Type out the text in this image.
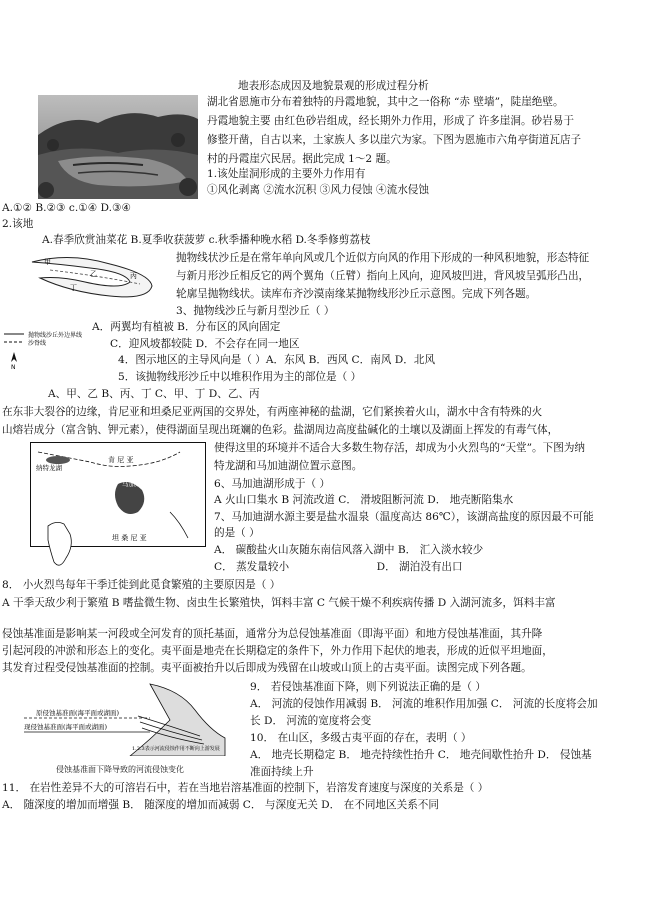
地表形态成因及地貌景观的形成过程分析
湖北省恩施市分布着独特的丹霞地貌，其中之一俗称 “赤 壁墙”，陡崖绝壁。
丹霞地貌主要 由红色砂岩组成，经长期外力作用，形成了 许多崖洞。砂岩易于
修整开凿，自古以来，土家族人 多以崖穴为家。下图为恩施市六角亭街道瓦店子
村的丹霞崖穴民居。据此完成 1～2 题。
1.该处崖洞形成的主要外力作用有
①风化剥离 ②流水沉积 ③风力侵蚀 ④流水侵蚀
A.①② B.②③ c.①④ D.③④
2.该地
A.春季欣赏油菜花 B.夏季收获菠萝 c.秋季播种晚水稻 D.冬季修剪荔枝
甲
乙	丙
丁
抛物线沙丘外边界线
沙脊线
N
抛物线状沙丘是在常年单向风或几个近似方向风的作用下形成的一种风积地貌，形态特征
与新月形沙丘相反它的两个翼角（丘臂）指向上风向，迎风坡凹进，背风坡呈弧形凸出，
轮廓呈抛物线状。读库布齐沙漠南缘某抛物线形沙丘示意图。完成下列各题。
3、抛物线沙丘与新月型沙丘（ ）
A．两翼均有植被 B．分布区的风向固定
C．迎风坡都较陡 D．不会存在同一地区
4．图示地区的主导风向是（ ）A．东风 B．西风 C．南风 D．北风
5．该抛物线形沙丘中以堆积作用为主的部位是（ ）
A、甲、乙 B、丙、丁 C、甲、丁 D、乙、丙
在东非大裂谷的边缘，肯尼亚和坦桑尼亚两国的交界处，有两座神秘的盐湖，它们紧挨着火山，湖水中含有特殊的火
山熔岩成分（富含钠、钾元素），使得湖面呈现出斑斓的色彩。盐湖周边高度盐碱化的土壤以及湖面上挥发的有毒气体，
使得这里的环境并不适合大多数生物存活，却成为小火烈鸟的“天堂”。下图为纳
特龙湖和马加迪湖位置示意图。
纳特龙湖
肯 尼 亚
马加迪湖
坦 桑 尼 亚
6、马加迪湖形成于（ ）
A 火山口集水 B 河流改道 C． 滑坡阻断河流 D． 地壳断陷集水
7、马加迪湖水源主要是盐水温泉（温度高达 86℃），该湖高盐度的原因最不可能
的是（ ）
A． 碳酸盐火山灰随东南信风落入湖中 B． 汇入淡水较少
C． 蒸发量较小                          D． 湖泊没有出口
8． 小火烈鸟每年干季迁徙到此觅食繁殖的主要原因是（ ）
A 干季天敌少利于繁殖 B 嗜盐微生物、卤虫生长繁殖快，饵料丰富 C 气候干燥不利疾病传播 D 入湖河流多，饵料丰富
侵蚀基准面是影响某一河段或全河发育的顶托基面，通常分为总侵蚀基准面（即海平面）和地方侵蚀基准面，其升降
引起河段的冲淤和形态上的变化。夷平面是地壳在长期稳定的条件下，外力作用下起伏的地表，形成的近似平坦地面，
其发育过程受侵蚀基准面的控制。夷平面被抬升以后即成为残留在山坡或山顶上的古夷平面。读图完成下列各题。
原侵蚀基准面(海平面或湖面)
现侵蚀基准面(海平面或湖面)
1.2.3表示河流侵蚀作用不断向上游发展
侵蚀基准面下降导致的河流侵蚀变化
9． 若侵蚀基准面下降，则下列说法正确的是（ ）
A． 河流的侵蚀作用减弱 B． 河流的堆积作用加强 C． 河流的长度将会加
长 D． 河流的宽度将会变
10． 在山区，多级古夷平面的存在，表明（ ）
A． 地壳长期稳定 B． 地壳持续性抬升 C． 地壳间歇性抬升 D． 侵蚀基
准面持续上升
11． 在岩性差异不大的可溶岩石中，若在当地岩溶基准面的控制下，岩溶发育速度与深度的关系是（ ）
A． 随深度的增加而增强 B． 随深度的增加而减弱 C． 与深度无关 D． 在不同地区关系不同
